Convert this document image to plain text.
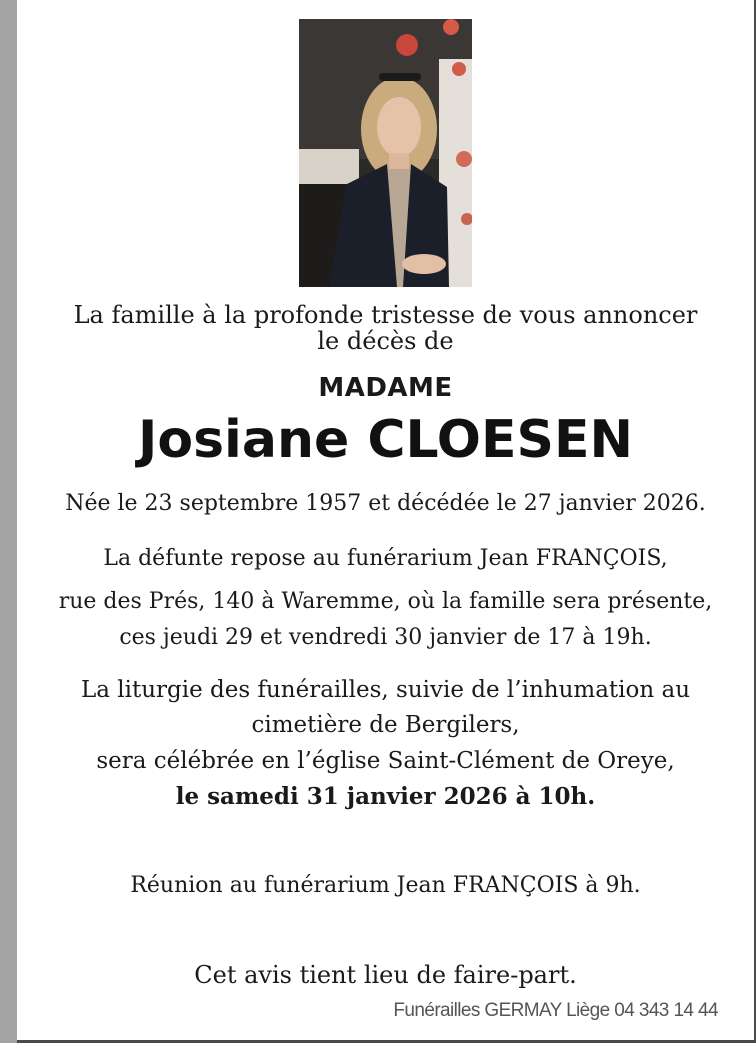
La famille à la profonde tristesse de vous annoncer le décès de
MADAME
Josiane CLOESEN
Née le 23 septembre 1957 et décédée le 27 janvier 2026.
La défunte repose au funérarium Jean FRANÇOIS,
rue des Prés, 140 à Waremme, où la famille sera présente,
ces jeudi 29 et vendredi 30 janvier de 17 à 19h.
La liturgie des funérailles, suivie de l’inhumation au
cimetière de Bergilers,
sera célébrée en l’église Saint-Clément de Oreye,
le samedi 31 janvier 2026 à 10h.
Réunion au funérarium Jean FRANÇOIS à 9h.
Cet avis tient lieu de faire-part.
Funérailles GERMAY Liège 04 343 14 44
